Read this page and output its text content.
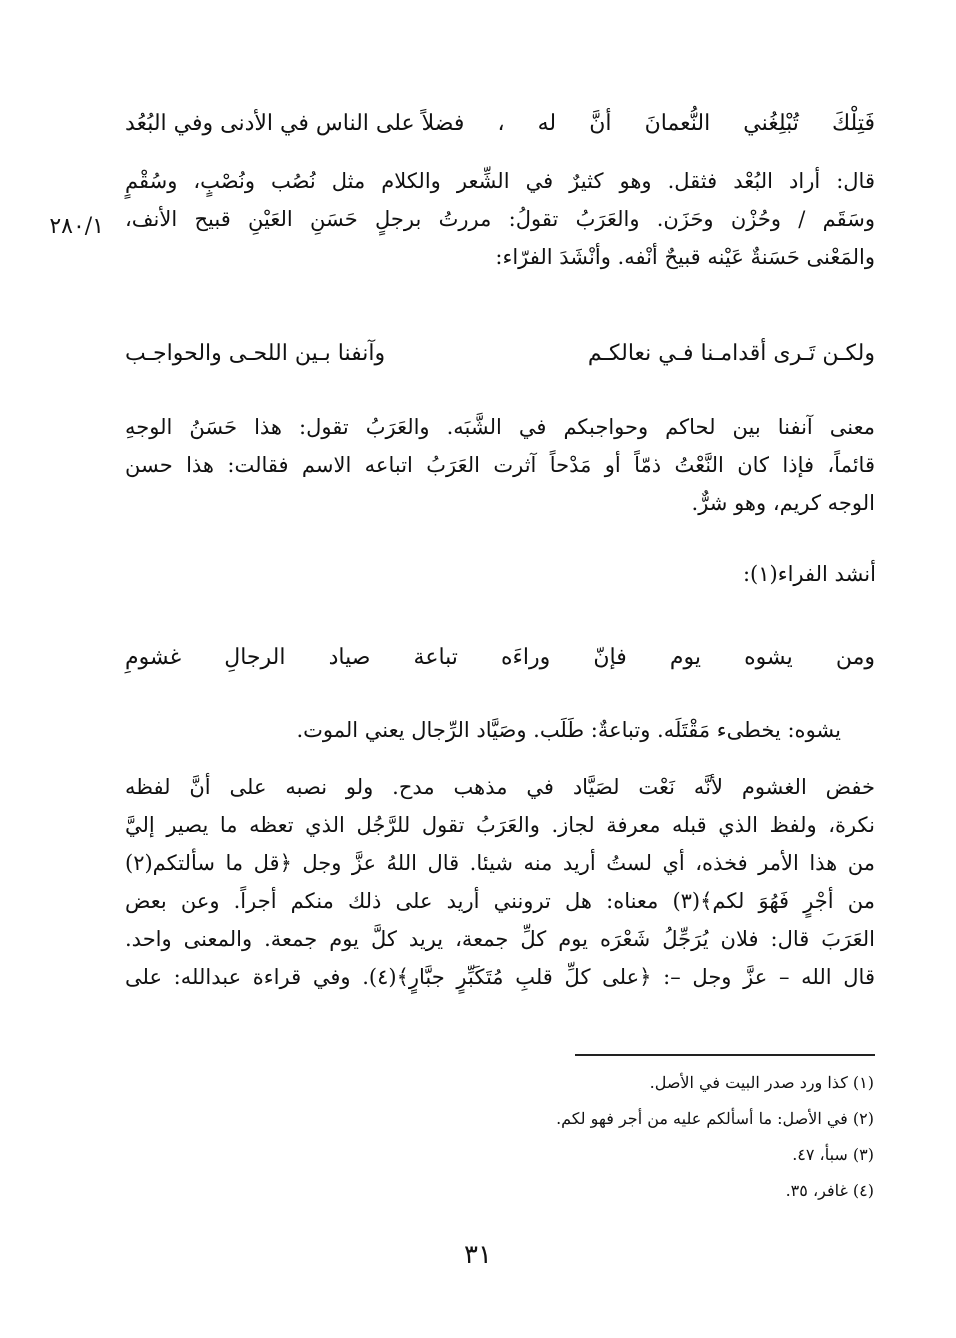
فَتِلْكَ
تُبْلِغُني
النُّعمانَ
أنَّ
له
،
فضلاً على الناس في الأدنى وفي البُعُد
قال: أراد البُعْد فثقل. وهو كثيرٌ في الشِّعر والكلام مثل نُصُب ونُصْبٍ، وسُقْمٍ
وسَقَم / وحُزْن وحَزَن. والعَرَبُ تقولُ: مررتُ برجلٍ حَسَنِ العَيْنِ قبيح الأنف،
والمَعْنى حَسَنةٌ عَيْنه قبيحٌ أنْفه. وأنْشَدَ الفرّاء:
٢٨٠/١
ولكـن تَـرى أقدامـنا فـي نعالكـم
وآنفنا بـين اللحـى والحواجـب
معنى آنفنا بين لحاكم وحواجبكم في الشَّبَه. والعَرَبُ تقول: هذا حَسَنُ الوجهِ
قائماً، فإذا كان النَّعْتُ ذمّاً أو مَدْحاً آثرت العَرَبُ اتباعه الاسم فقالت: هذا حسن
الوجه كريم، وهو شرٌّ.
أنشد الفراء(١):
ومن
يشوه
يوم
فإنّ
وراءَه
تباعة
صياد
الرجالِ
غشومِ
يشوه: يخطىء مَقْتَلَه. وتباعةٌ: طَلَب. وصَيَّاد الرِّجال يعني الموت.
خفض الغشوم لأنَّه نَعْت لصَيَّاد في مذهب مدح. ولو نصبه على أنَّ لفظه
نكرة، ولفظ الذي قبله معرفة لجاز. والعَرَبُ تقول للرَّجُل الذي تعظه ما يصير إليَّ
من هذا الأمر فخذه، أي لستُ أريد منه شيئا. قال اللهُ عزَّ وجل ﴿قل ما سألتكم(٢)
من أجْرٍ فَهُوَ لكم﴾(٣) معناه: هل ترونني أريد على ذلك منكم أجراً. وعن بعض
العَرَبَ قال: فلان يُرَجِّلُ شَعْرَه يوم كلِّ جمعة، يريد كلَّ يوم جمعة. والمعنى واحد.
قال الله – عزَّ وجل –: ﴿على كلِّ قلبِ مُتَكَبِّرٍ جبَّارٍ﴾(٤). وفي قراءة عبدالله: على
(١) كذا ورد صدر البيت في الأصل.
(٢) في الأصل: ما أسألكم عليه من أجر فهو لكم.
(٣) سبأ، ٤٧.
(٤) غافر، ٣٥.
٣١
